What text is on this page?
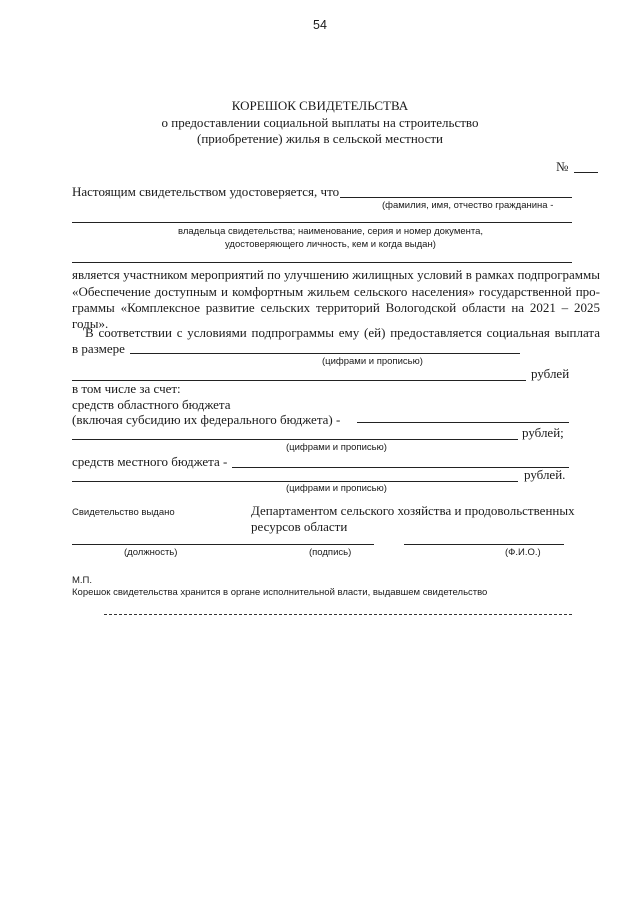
54
КОРЕШОК СВИДЕТЕЛЬСТВА
о предоставлении социальной выплаты на строительство
(приобретение) жилья в сельской местности
№
Настоящим свидетельством удостоверяется, что
(фамилия, имя, отчество гражданина -
владельца свидетельства; наименование, серия и номер документа,
удостоверяющего личность, кем и когда выдан)
является участником мероприятий по улучшению жилищных условий в рамках подпрограммы
«Обеспечение доступным и комфортным жильем сельского населения» государственной про-
граммы «Комплексное развитие сельских территорий Вологодской области на 2021 – 2025
годы».
В соответствии с условиями подпрограммы ему (ей) предоставляется социальная выплата
в размере
(цифрами и прописью)
рублей
в том числе за счет:
средств областного бюджета
(включая субсидию их федерального бюджета) -
рублей;
(цифрами и прописью)
средств местного бюджета -
рублей.
(цифрами и прописью)
Свидетельство выдано	Департаментом сельского хозяйства и продовольственных
ресурсов области
(должность)	(подпись)	(Ф.И.О.)
М.П.
Корешок свидетельства хранится в органе исполнительной власти, выдавшем свидетельство
